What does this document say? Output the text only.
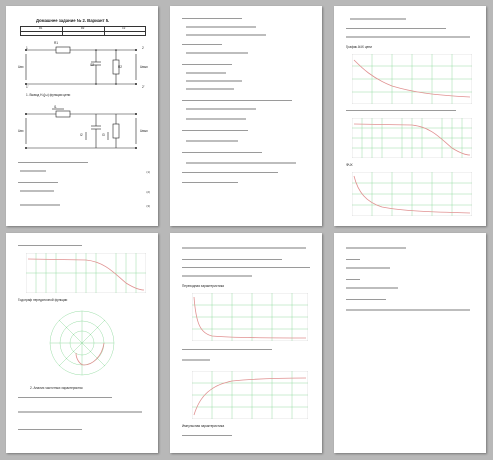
Домашнее задание № 2. Вариант 5.
R1	R2	C2
R1
C2	R2
Uвх	Uвых
1
1'
2
2'
1. Вывод H-(jω) функции цепи
I1
I2	I3
Uвх	Uвых
(1)
(2)
(3)
График АЧХ цепи
ФЧХ
Годограф передаточной функции
2. Анализ частотных характеристик
Переходная характеристика
Импульсная характеристика
